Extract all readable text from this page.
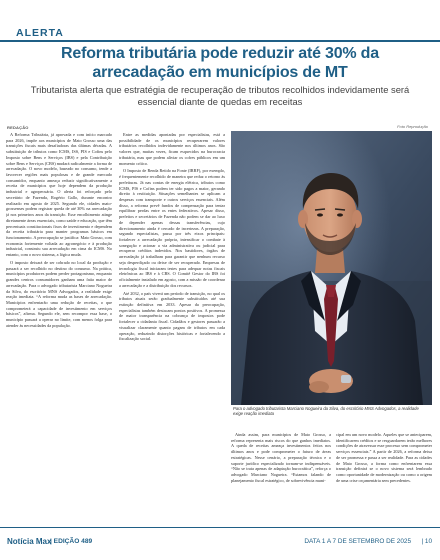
ALERTA
Reforma tributária pode reduzir até 30% da
arrecadação em municípios de MT

Tributarista alerta que estratégia de recuperação de tributos recolhidos indevidamente será essencial diante de quedas em receitas

REDAÇÃO	Foto Reprodução

A Reforma Tributária, já aprovada e com início marcado para 2026, impõe aos municípios de Mato Grosso uma das transições fiscais mais desafiadoras das últimas décadas. A substituição de tributos como ICMS, ISS, PIS e Cofins pelo Imposto sobre Bens e Serviços (IBS) e pela Contribuição sobre Bens e Serviços (CBS) mudará radicalmente a forma de arrecadação. O novo modelo, baseado no consumo, tende a favorecer regiões mais populosas e de grande mercado consumidor, enquanto ameaça reduzir significativamente a receita de municípios que hoje dependem da produção industrial e agropecuária. O alerta foi reforçado pelo secretário de Fazenda, Rogério Gallo, durante encontro realizado em agosto de 2025. Segundo ele, cidades mato-grossenses podem registrar queda de até 30% na arrecadação já nos primeiros anos da transição. Esse encolhimento atinge diretamente áreas essenciais, como saúde e educação, que têm percentuais constitucionais fixos de investimento e dependem da receita tributária para manter programas básicos em funcionamento. A preocupação se justifica: Mato Grosso, com economia fortemente voltada ao agronegócio e à produção industrial, construiu sua arrecadação em cima do ICMS. No entanto, com o novo sistema, a lógica muda.

O imposto deixará de ser cobrado no local da produção e passará a ser recolhido no destino do consumo. Na prática, municípios produtores podem perder protagonismo, enquanto grandes centros consumidores ganham uma fatia maior de arrecadação. Para o advogado tributarista Marciano Nogueira da Silva, do escritório MNS Advogados, a realidade exige reação imediata. “A reforma muda as bases de arrecadação. Municípios enfrentarão uma redução de receitas, o que comprometerá a capacidade de investimento em serviços básicos”, afirma. Segundo ele, sem recompor essa base, o município passará a operar no limite, com menos folga para atender às necessidades da população.

Entre as medidas apontadas por especialistas, está a possibilidade de os municípios recuperarem valores tributários recolhidos indevidamente nos últimos anos. São valores que, muitas vezes, ficam esquecidos na burocracia tributária, mas que podem aliviar os cofres públicos em um momento crítico.

O Imposto de Renda Retido na Fonte (IRRF), por exemplo, é frequentemente recolhido de maneira que reduz o retorno às prefeituras. Já nas contas de energia elétrica, tributos como ICMS, PIS e Cofins podem ter sido pagos a maior, gerando direito à restituição. Situações semelhantes se aplicam a despesas com transporte e outros serviços essenciais. Além disso, a reforma prevê fundos de compensação para tentar equilibrar perdas entre os entes federativos. Apesar disso, prefeitos e secretários de Fazenda não podem se dar ao luxo de depender apenas dessas transferências, cujo direcionamento ainda é cercado de incertezas. A preparação, segundo especialistas, passa por três eixos principais: fortalecer a arrecadação própria, intensificar o combate à sonegação e acionar a via administrativa ou judicial para recuperar créditos indevidos. Nos bastidores, órgãos de arrecadação já trabalham para garantir que nenhum recurso seja desperdiçado ou deixe de ser recuperado. Empresas de tecnologia fiscal iniciaram testes para adequar notas fiscais eletrônicas ao IBS e à CBS. O Comitê Gestor do IBS foi oficialmente instalado em agosto, com a missão de coordenar a arrecadação e a distribuição dos recursos.

Até 2032, o país viverá um período de transição, no qual os tributos atuais serão gradualmente substituídos até sua extinção definitiva em 2033. Apesar da preocupação, especialistas também destacam pontos positivos. A promessa de maior transparência na cobrança de impostos pode fortalecer a cidadania fiscal. Cidadãos e gestores passarão a visualizar claramente quanto pagam de tributos em cada operação, reduzindo distorções históricas e fortalecendo a fiscalização social.

Para o advogado tributarista Marciano Nogueira da Silva, do escritório MNS Advogados, a realidade exige reação imediata

Ainda assim, para municípios de Mato Grosso, a reforma representa mais riscos do que ganhos imediatos. A queda de receitas ameaça investimentos feitos nos últimos anos e pode comprometer o futuro de áreas estratégicas. Nesse cenário, a preparação técnica e o suporte jurídico especializado tornam-se indispensáveis. “Não se trata apenas de adaptação burocrática”, reforça o advogado Marciano Nogueira. “Estamos falando de planejamento fiscal estratégico, de sobrevivência muni-

cipal em um novo modelo. Aqueles que se anteciparem, identificarem créditos e se resguardarem terão melhores condições de atravessar esse processo sem comprometer serviços essenciais.” A partir de 2026, a reforma deixa de ser promessa e passa a ser realidade. Para as cidades de Mato Grosso, a forma como enfrentarem essa transição definirá se o novo sistema será lembrado como oportunidade de modernização ou como a origem de uma crise orçamentária sem precedentes.

Notícia Max
| EDIÇÃO 489	DATA 1 A 7 DE SETEMBRO DE 2025 | 10
